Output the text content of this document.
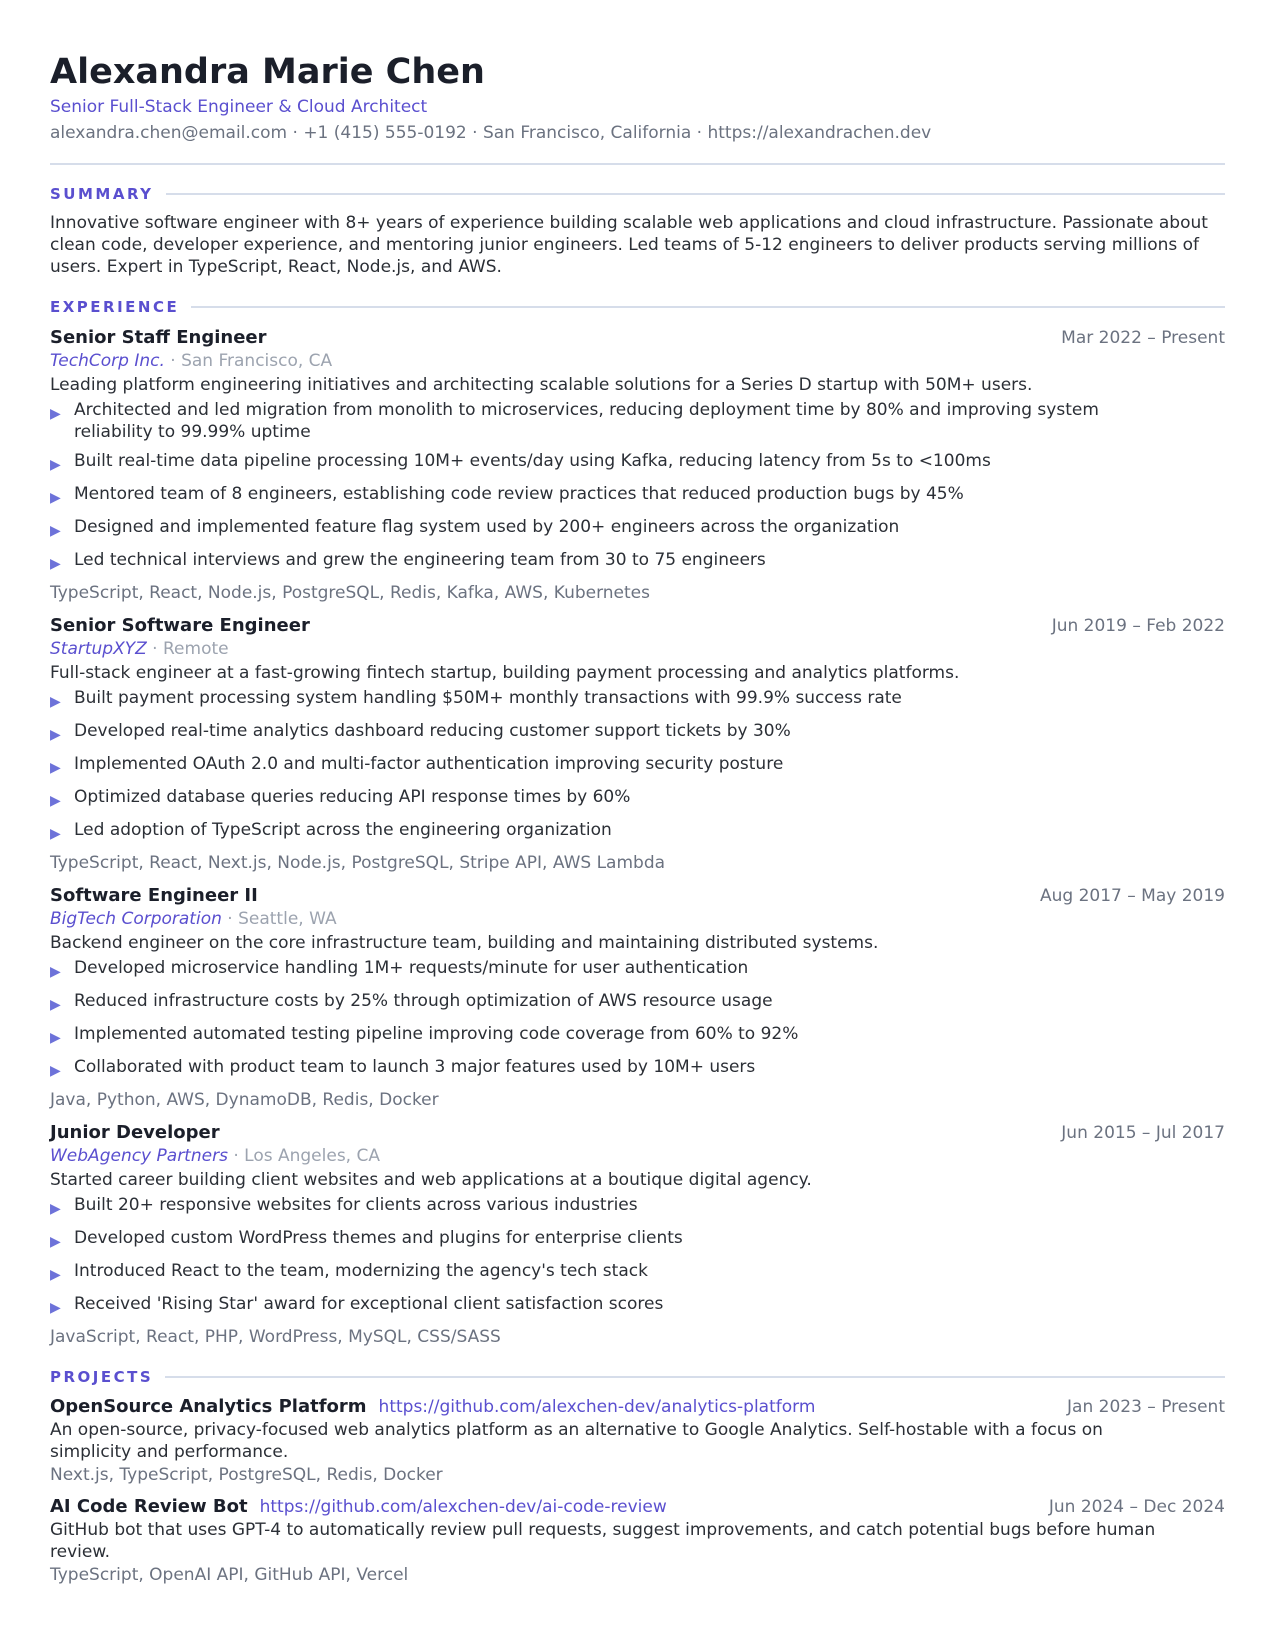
Alexandra Marie Chen
Senior Full-Stack Engineer & Cloud Architect
alexandra.chen@email.com · +1 (415) 555-0192 · San Francisco, California · https://alexandrachen.dev
SUMMARY
Innovative software engineer with 8+ years of experience building scalable web applications and cloud infrastructure. Passionate about clean code, developer experience, and mentoring junior engineers. Led teams of 5-12 engineers to deliver products serving millions of users. Expert in TypeScript, React, Node.js, and AWS.
EXPERIENCE
Senior Staff Engineer	Mar 2022 – Present
TechCorp Inc. · San Francisco, CA
Leading platform engineering initiatives and architecting scalable solutions for a Series D startup with 50M+ users.
▶ Architected and led migration from monolith to microservices, reducing deployment time by 80% and improving system reliability to 99.99% uptime
▶ Built real-time data pipeline processing 10M+ events/day using Kafka, reducing latency from 5s to <100ms
▶ Mentored team of 8 engineers, establishing code review practices that reduced production bugs by 45%
▶ Designed and implemented feature flag system used by 200+ engineers across the organization
▶ Led technical interviews and grew the engineering team from 30 to 75 engineers
TypeScript, React, Node.js, PostgreSQL, Redis, Kafka, AWS, Kubernetes
Senior Software Engineer	Jun 2019 – Feb 2022
StartupXYZ · Remote
Full-stack engineer at a fast-growing fintech startup, building payment processing and analytics platforms.
▶ Built payment processing system handling $50M+ monthly transactions with 99.9% success rate
▶ Developed real-time analytics dashboard reducing customer support tickets by 30%
▶ Implemented OAuth 2.0 and multi-factor authentication improving security posture
▶ Optimized database queries reducing API response times by 60%
▶ Led adoption of TypeScript across the engineering organization
TypeScript, React, Next.js, Node.js, PostgreSQL, Stripe API, AWS Lambda
Software Engineer II	Aug 2017 – May 2019
BigTech Corporation · Seattle, WA
Backend engineer on the core infrastructure team, building and maintaining distributed systems.
▶ Developed microservice handling 1M+ requests/minute for user authentication
▶ Reduced infrastructure costs by 25% through optimization of AWS resource usage
▶ Implemented automated testing pipeline improving code coverage from 60% to 92%
▶ Collaborated with product team to launch 3 major features used by 10M+ users
Java, Python, AWS, DynamoDB, Redis, Docker
Junior Developer	Jun 2015 – Jul 2017
WebAgency Partners · Los Angeles, CA
Started career building client websites and web applications at a boutique digital agency.
▶ Built 20+ responsive websites for clients across various industries
▶ Developed custom WordPress themes and plugins for enterprise clients
▶ Introduced React to the team, modernizing the agency's tech stack
▶ Received 'Rising Star' award for exceptional client satisfaction scores
JavaScript, React, PHP, WordPress, MySQL, CSS/SASS
PROJECTS
OpenSource Analytics Platform https://github.com/alexchen-dev/analytics-platform	Jan 2023 – Present
An open-source, privacy-focused web analytics platform as an alternative to Google Analytics. Self-hostable with a focus on simplicity and performance.
Next.js, TypeScript, PostgreSQL, Redis, Docker
AI Code Review Bot https://github.com/alexchen-dev/ai-code-review	Jun 2024 – Dec 2024
GitHub bot that uses GPT-4 to automatically review pull requests, suggest improvements, and catch potential bugs before human review.
TypeScript, OpenAI API, GitHub API, Vercel
